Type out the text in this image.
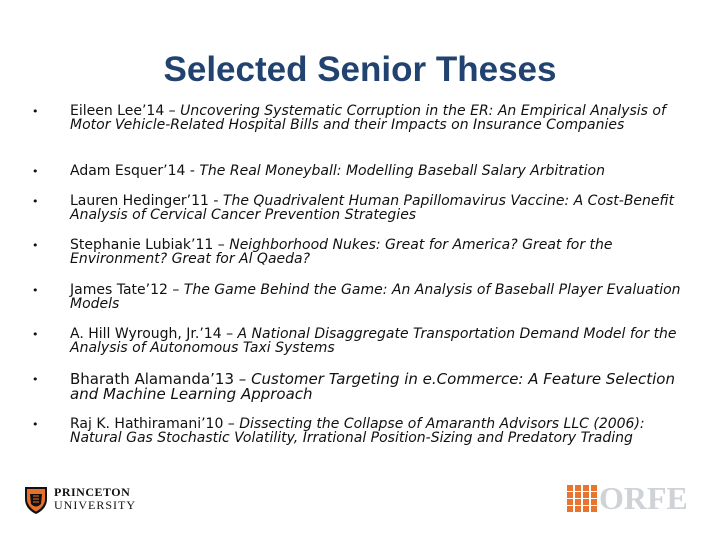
Selected Senior Theses
•	Eileen Lee’14 – Uncovering Systematic Corruption in the ER: An Empirical Analysis of Motor Vehicle-Related Hospital Bills and their Impacts on Insurance Companies
•	Adam Esquer’14 - The Real Moneyball: Modelling Baseball Salary Arbitration
•	Lauren Hedinger’11 - The Quadrivalent Human Papillomavirus Vaccine: A Cost-Benefit Analysis of Cervical Cancer Prevention Strategies
•	Stephanie Lubiak’11 – Neighborhood Nukes: Great for America? Great for the Environment? Great for Al Qaeda?
•	James Tate’12 – The Game Behind the Game: An Analysis of Baseball Player Evaluation Models
•	A. Hill Wyrough, Jr.’14 – A National Disaggregate Transportation Demand Model for the Analysis of Autonomous Taxi Systems
•	Bharath Alamanda’13 – Customer Targeting in e.Commerce: A Feature Selection and Machine Learning Approach
•	Raj K. Hathiramani’10 – Dissecting the Collapse of Amaranth Advisors LLC (2006): Natural Gas Stochastic Volatility, Irrational Position-Sizing and Predatory Trading
PRINCETON
UNIVERSITY	ORFE
